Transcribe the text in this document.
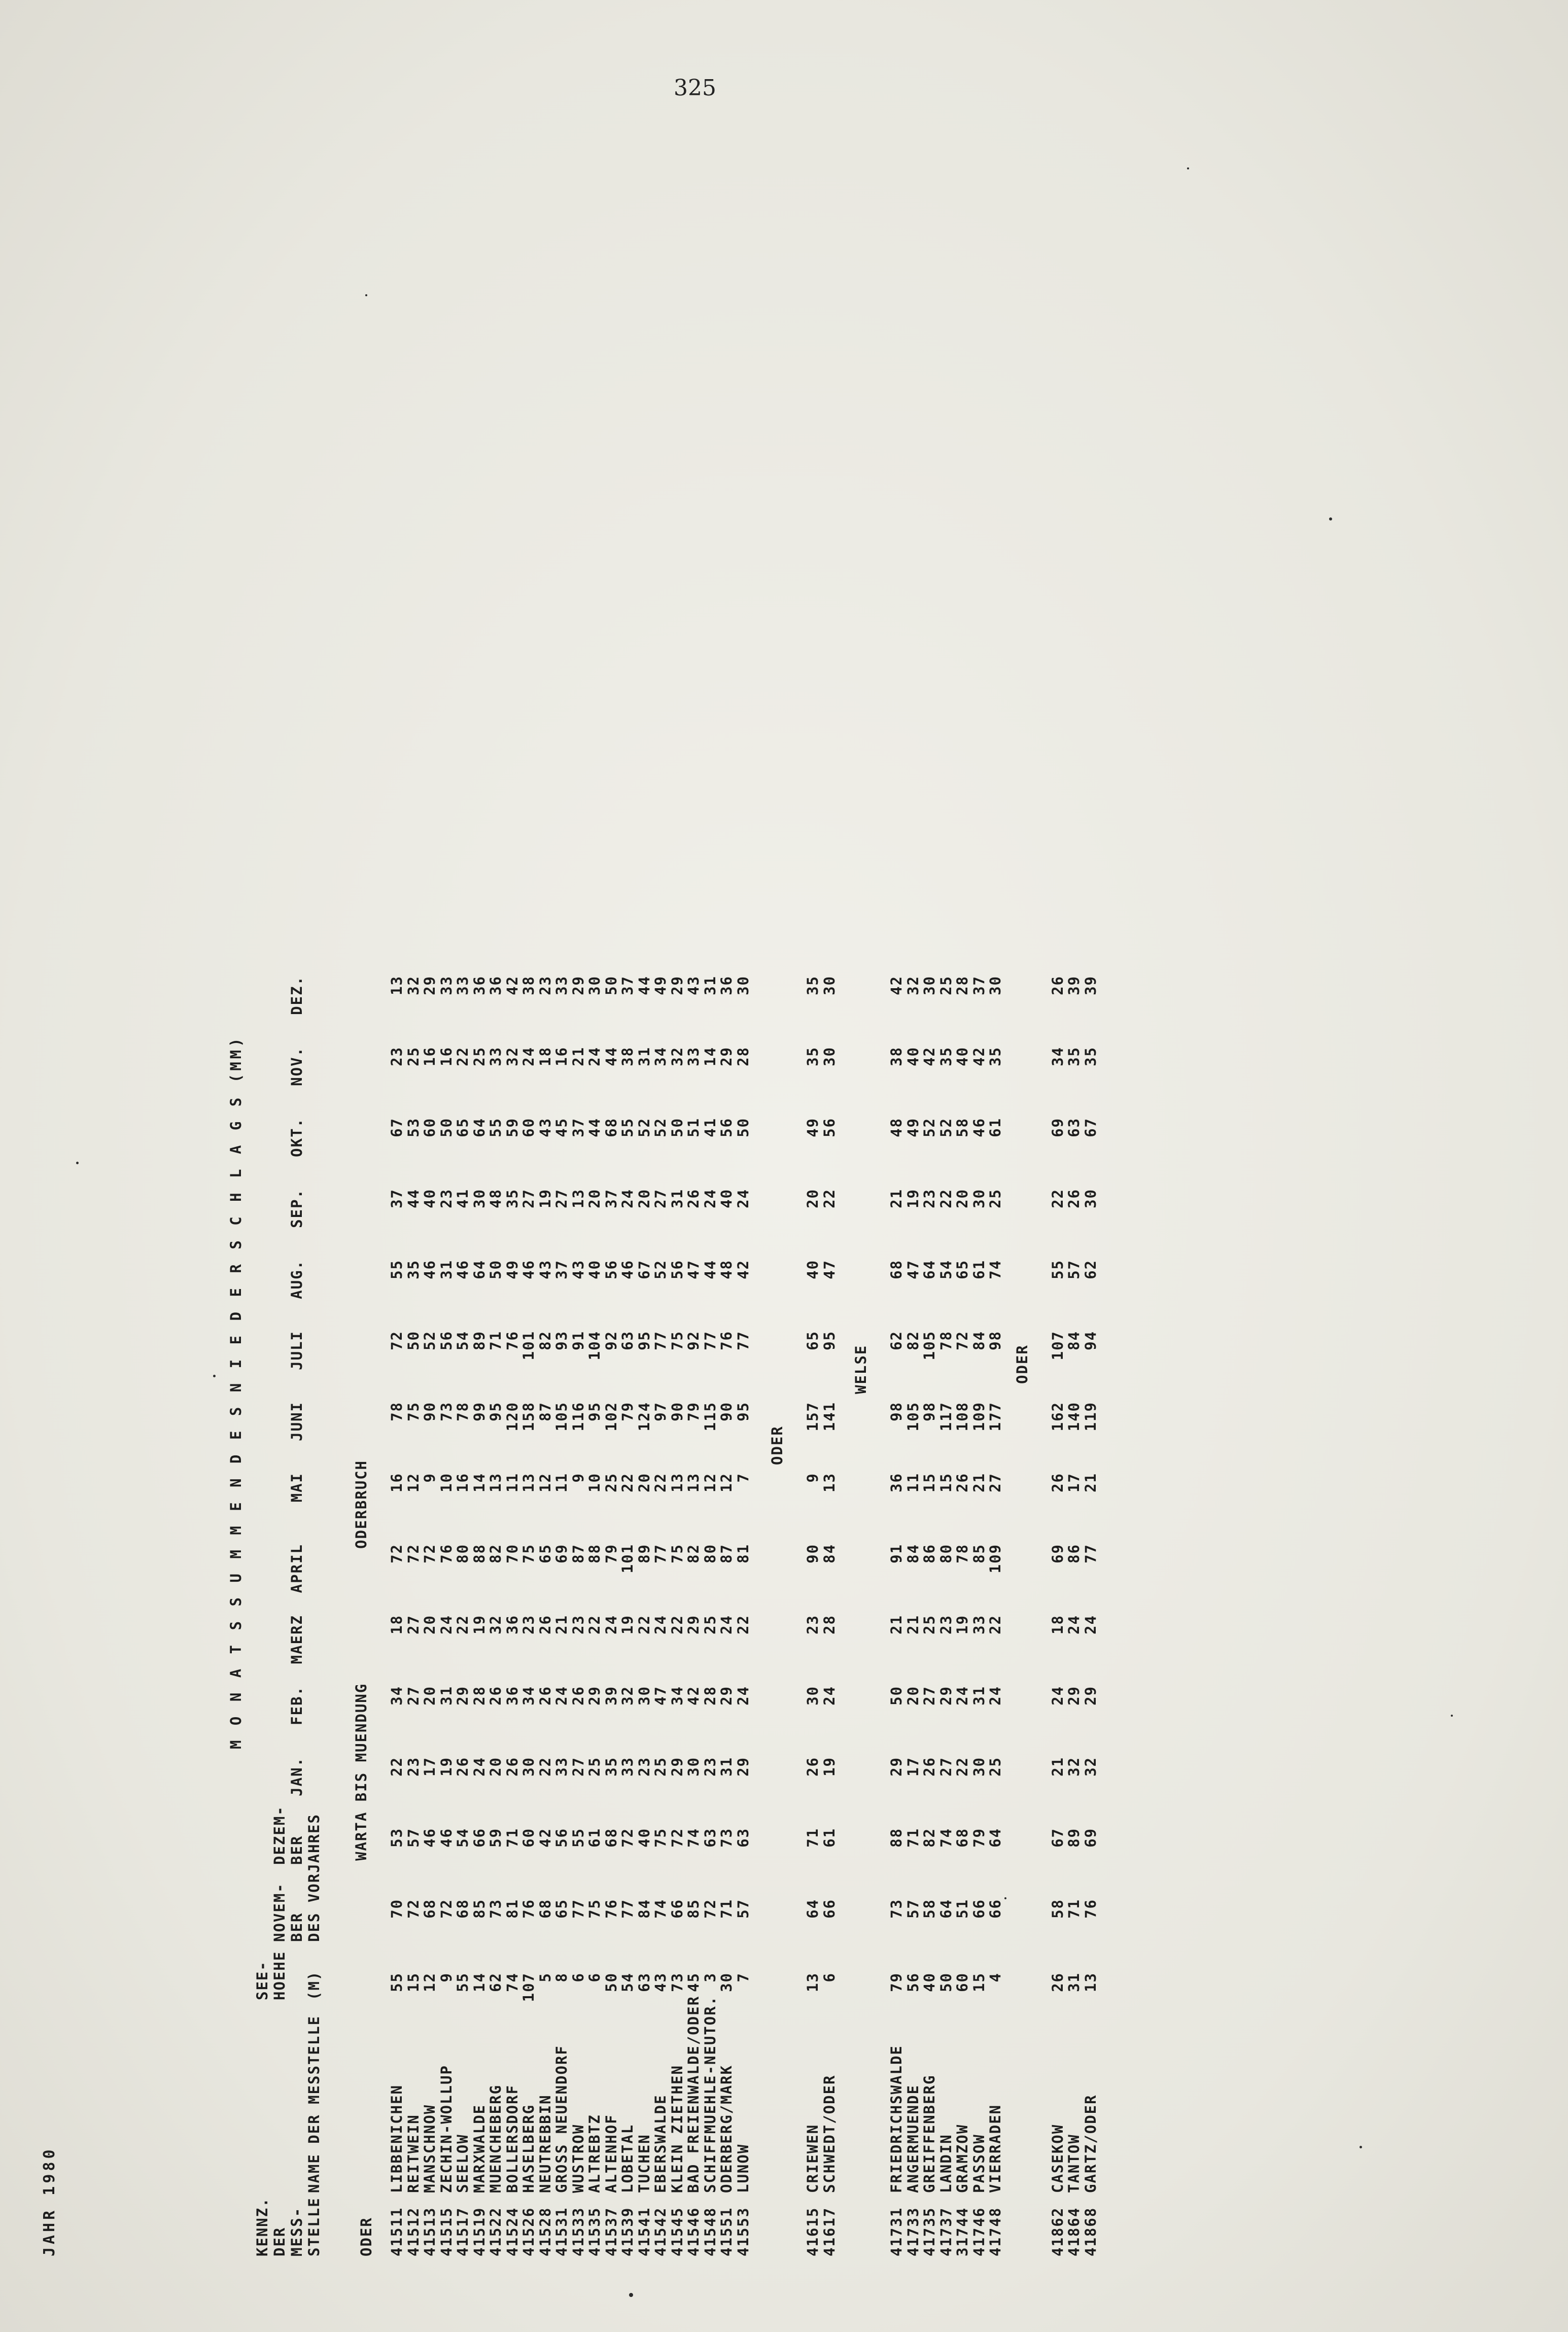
325
JAHR 1980	KENNZ. DER MESS- STELLE
NAME DER MESSTELLE
SEE- HOEHE (M)
NOVEM- BER
DEZEM- BER DES VORJAHRES
M O N A T S S U M M E N D E S N I E D E R S C H L A G S (MM)
JAN.
FEB.
MAERZ
APRIL
MAI
JUNI
JULI
AUG.
SEP.
OKT.
NOV.
DEZ.
ODER
WARTA BIS MUENDUNG
ODERBRUCH
41511
LIBBENICHEN
55
70
53
22
34
18
72
16
78
72
55
37
67
23
13
41512
REITWEIN
15
72
57
23
27
27
72
12
75
50
35
44
53
25
32
41513
MANSCHNOW
12
68
46
17
20
20
72
9
90
52
46
40
60
16
29
41515
ZECHIN-WOLLUP
9
72
46
19
31
24
76
10
73
56
31
23
50
16
33
41517
SEELOW
55
68
54
26
29
22
80
16
78
54
46
41
65
22
33
41519
MARXWALDE
14
85
66
24
28
19
88
14
99
89
64
30
64
25
36
41522
MUENCHEBERG
62
73
59
20
26
32
82
13
95
71
50
48
55
33
36
41524
BOLLERSDORF
74
81
71
26
36
36
70
11
120
76
49
35
59
32
42
41526
HASELBERG
107
76
60
30
34
23
75
13
158
101
46
27
60
24
38
41528
NEUTREBBIN
5
68
42
22
26
26
65
12
87
82
43
19
43
18
23
41531
GROSS NEUENDORF
8
65
56
33
24
21
69
11
105
93
37
27
45
16
33
41533
WUSTROW
6
77
55
27
26
23
87
9
116
91
43
13
37
21
29
41535
ALTREBTZ
6
75
61
25
29
22
88
10
95
104
40
20
44
24
30
41537
ALTENHOF
50
76
68
35
39
24
79
25
102
92
56
37
68
44
50
41539
LOBETAL
54
77
72
33
32
19
101
22
79
63
46
24
55
38
37
41541
TUCHEN
63
84
40
23
30
22
89
20
124
95
67
20
52
31
44
41542
EBERSWALDE
43
74
75
25
47
24
77
22
97
77
52
27
52
34
49
41545
KLEIN ZIETHEN
73
66
72
29
34
22
75
13
90
75
56
31
50
32
29
41546
BAD FREIENWALDE/ODER
45
85
74
30
42
29
82
13
79
92
47
26
51
33
43
41548
SCHIFFMUEHLE-NEUTOR.
3
72
63
23
28
25
80
12
115
77
44
24
41
14
31
41551
ODERBERG/MARK
30
71
73
31
29
24
87
12
90
76
48
40
56
29
36
41553
LUNOW
7
57
63
29
24
22
81
7
95
77
42
24
50
28
30
ODER
41615
CRIEWEN
13
64
71
26
30
23
90
9
157
65
40
20
49
35
35
41617
SCHWEDT/ODER
6
66
61
19
24
28
84
13
141
95
47
22
56
30
30
WELSE
41731
FRIEDRICHSWALDE
79
73
88
29
50
21
91
36
98
62
68
21
48
38
42
41733
ANGERMUENDE
56
57
71
17
20
21
84
11
105
82
47
19
49
40
32
41735
GREIFFENBERG
40
58
82
26
27
25
86
15
98
105
64
23
52
42
30
41737
LANDIN
50
64
74
27
29
23
80
15
117
78
54
22
52
35
25
31744
GRAMZOW
60
51
68
22
24
19
78
26
108
72
65
20
58
40
28
41746
PASSOW
15
66
79
30
31
33
85
21
109
84
61
30
46
42
37
41748
VIERRADEN
4
66
64
25
24
22
109
27
177
98
74
25
61
35
30
ODER
41862
CASEKOW
26
58
67
21
24
18
69
26
162
107
55
22
69
34
26
41864
TANTOW
31
71
89
32
29
24
86
17
140
84
57
26
63
35
39
41868
GARTZ/ODER
13
76
69
32
29
24
77
21
119
94
62
30
67
35
39
